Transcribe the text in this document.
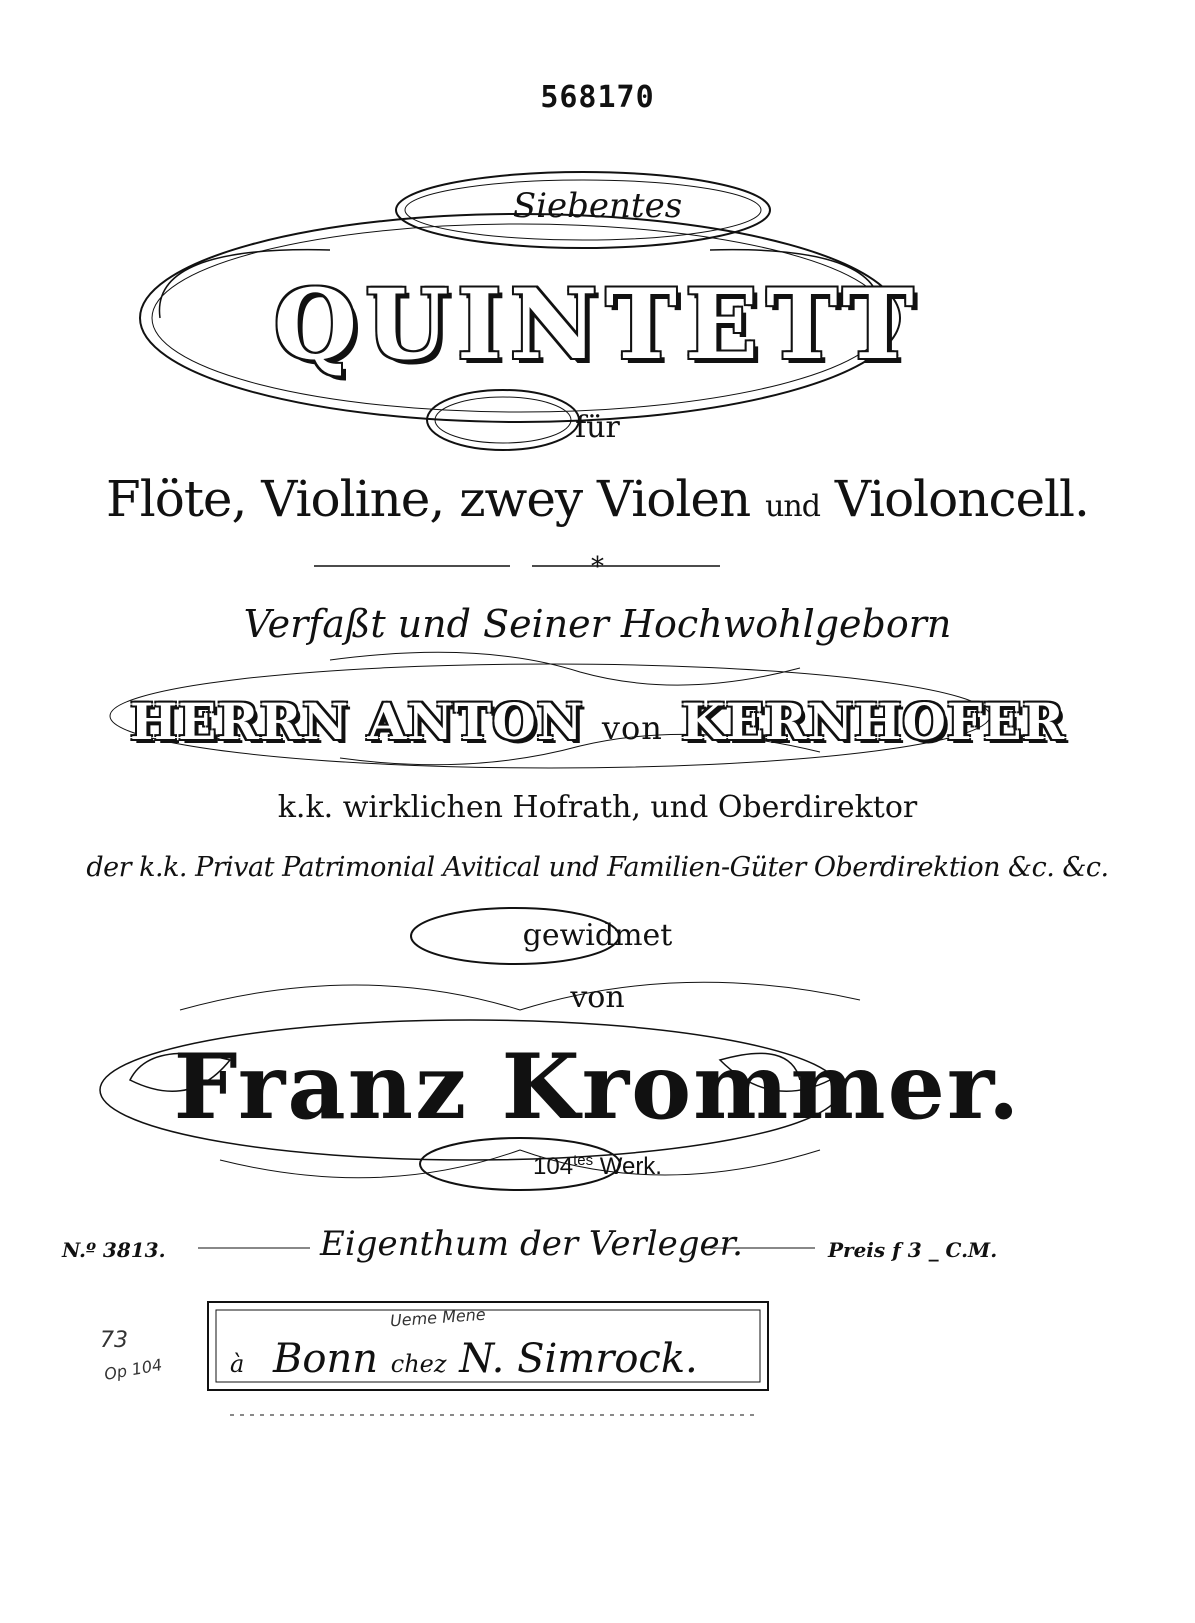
568170
Siebentes
QUINTETT
für
Flöte, Violine, zwey Violen und Violoncell.
*
Verfaßt und Seiner Hochwohlgeborn
HERRN ANTON von KERNHOFER
k.k. wirklichen Hofrath, und Oberdirektor
der k.k. Privat Patrimonial Avitical und Familien-Güter Oberdirektion &c. &c.
gewidmet
von
Franz Krommer.
$104^{tes}$ Werk.
N.º 3813.	Eigenthum der Verleger.	Preis f 3 _ C.M.
Ueme Mene
73
Op 104	à Bonn chez N. Simrock.
